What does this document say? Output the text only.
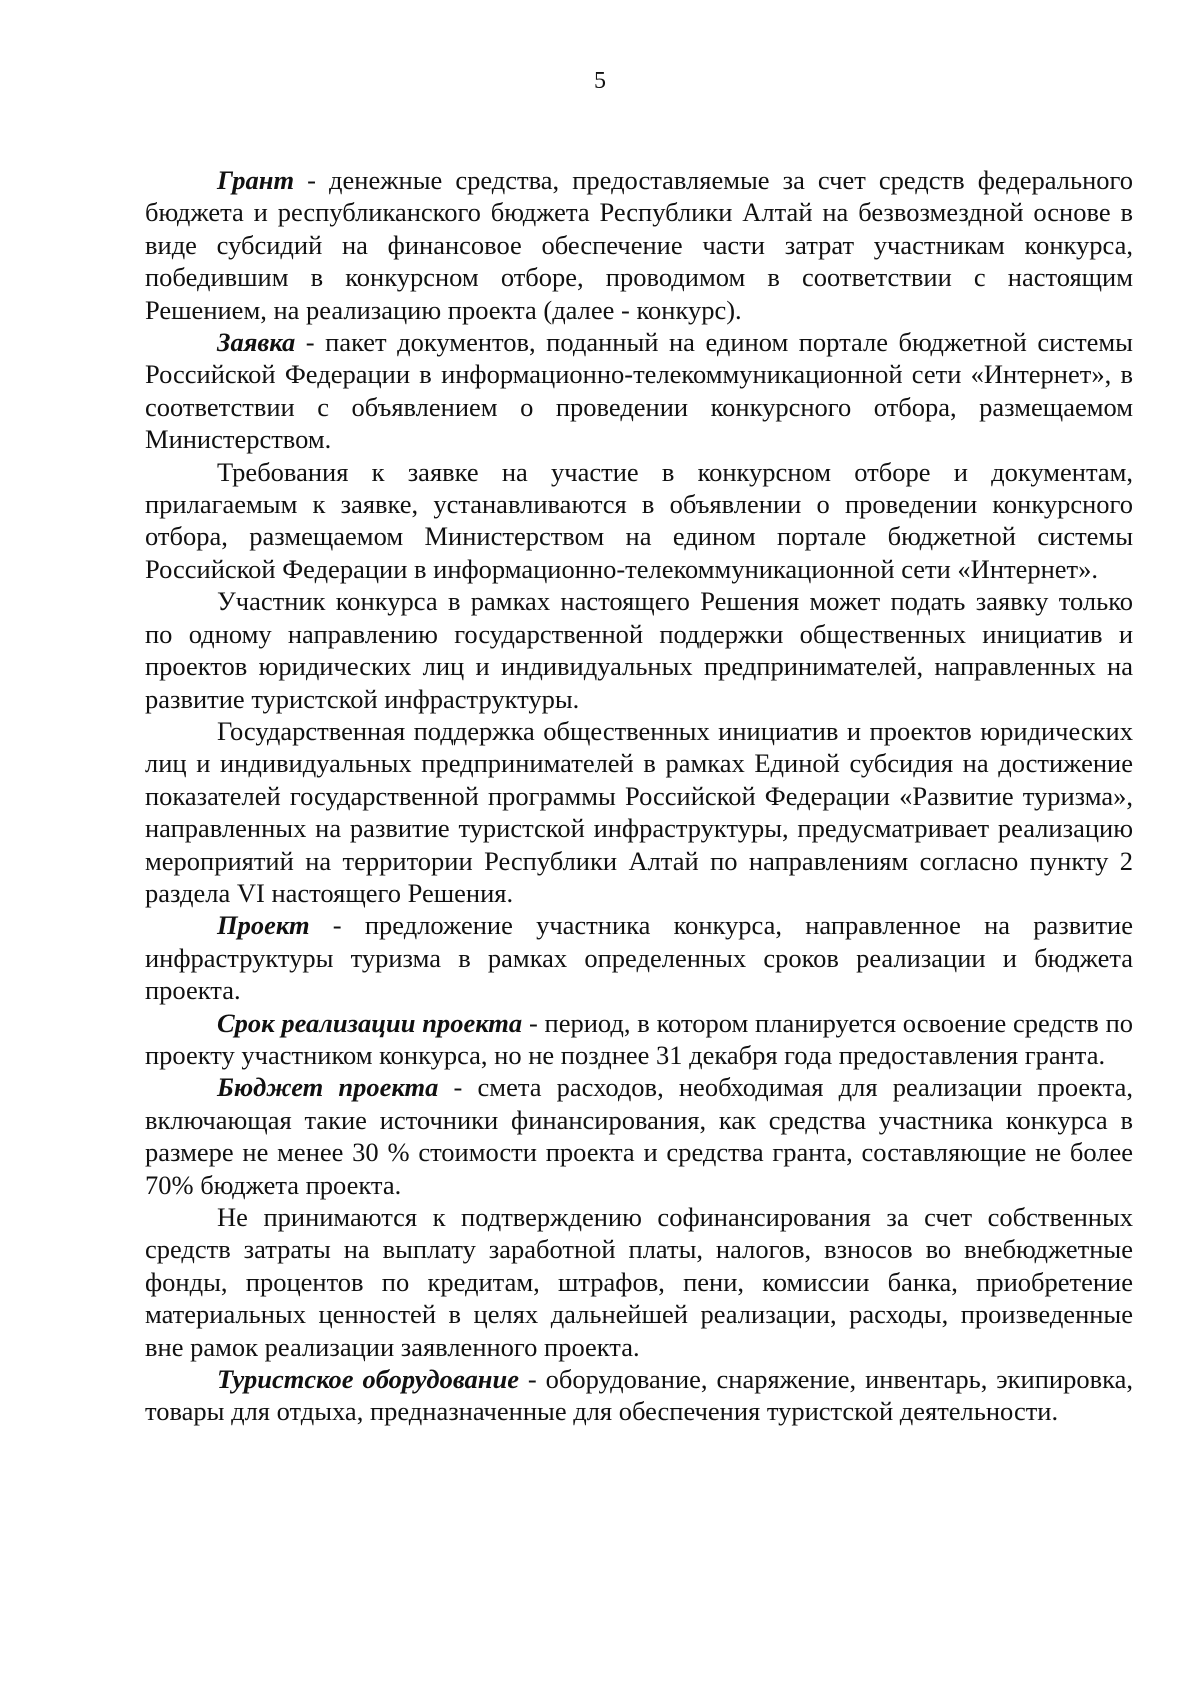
5

Грант - денежные средства, предоставляемые за счет средств федерального бюджета и республиканского бюджета Республики Алтай на безвозмездной основе в виде субсидий на финансовое обеспечение части затрат участникам конкурса, победившим в конкурсном отборе, проводимом в соответствии с настоящим Решением, на реализацию проекта (далее - конкурс).

Заявка - пакет документов, поданный на едином портале бюджетной системы Российской Федерации в информационно-телекоммуникационной сети «Интернет», в соответствии с объявлением о проведении конкурсного отбора, размещаемом Министерством.

Требования к заявке на участие в конкурсном отборе и документам, прилагаемым к заявке, устанавливаются в объявлении о проведении конкурсного отбора, размещаемом Министерством на едином портале бюджетной системы Российской Федерации в информационно-телекоммуникационной сети «Интернет».

Участник конкурса в рамках настоящего Решения может подать заявку только по одному направлению государственной поддержки общественных инициатив и проектов юридических лиц и индивидуальных предпринимателей, направленных на развитие туристской инфраструктуры.

Государственная поддержка общественных инициатив и проектов юридических лиц и индивидуальных предпринимателей в рамках Единой субсидия на достижение показателей государственной программы Российской Федерации «Развитие туризма», направленных на развитие туристской инфраструктуры, предусматривает реализацию мероприятий на территории Республики Алтай по направлениям согласно пункту 2 раздела VI настоящего Решения.

Проект - предложение участника конкурса, направленное на развитие инфраструктуры туризма в рамках определенных сроков реализации и бюджета проекта.

Срок реализации проекта - период, в котором планируется освоение средств по проекту участником конкурса, но не позднее 31 декабря года предоставления гранта.

Бюджет проекта - смета расходов, необходимая для реализации проекта, включающая такие источники финансирования, как средства участника конкурса в размере не менее 30 % стоимости проекта и средства гранта, составляющие не более 70% бюджета проекта.

Не принимаются к подтверждению софинансирования за счет собственных средств затраты на выплату заработной платы, налогов, взносов во внебюджетные фонды, процентов по кредитам, штрафов, пени, комиссии банка, приобретение материальных ценностей в целях дальнейшей реализации, расходы, произведенные вне рамок реализации заявленного проекта.

Туристское оборудование - оборудование, снаряжение, инвентарь, экипировка, товары для отдыха, предназначенные для обеспечения туристской деятельности.
